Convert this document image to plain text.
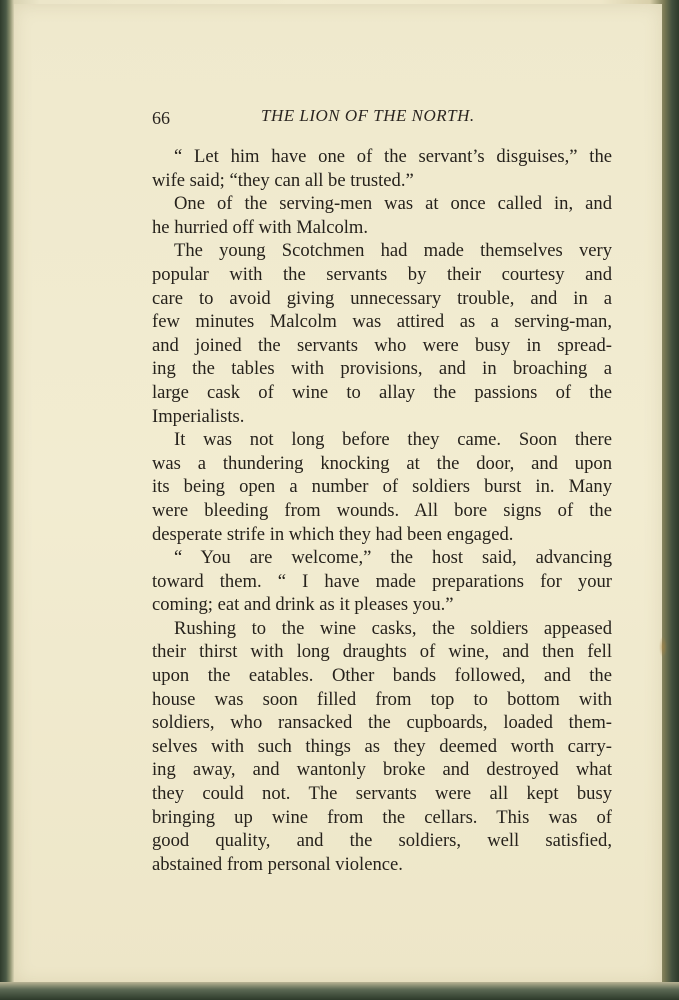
66	THE LION OF THE NORTH.

“ Let him have one of the servant’s disguises,” the
wife said; “they can all be trusted.”

One of the serving-men was at once called in, and
he hurried off with Malcolm.

The young Scotchmen had made themselves very
popular with the servants by their courtesy and
care to avoid giving unnecessary trouble, and in a
few minutes Malcolm was attired as a serving-man,
and joined the servants who were busy in spread-
ing the tables with provisions, and in broaching a
large cask of wine to allay the passions of the
Imperialists.

It was not long before they came. Soon there
was a thundering knocking at the door, and upon
its being open a number of soldiers burst in. Many
were bleeding from wounds. All bore signs of the
desperate strife in which they had been engaged.

“ You are welcome,” the host said, advancing
toward them. “ I have made preparations for your
coming; eat and drink as it pleases you.”

Rushing to the wine casks, the soldiers appeased
their thirst with long draughts of wine, and then fell
upon the eatables. Other bands followed, and the
house was soon filled from top to bottom with
soldiers, who ransacked the cupboards, loaded them-
selves with such things as they deemed worth carry-
ing away, and wantonly broke and destroyed what
they could not. The servants were all kept busy
bringing up wine from the cellars. This was of
good quality, and the soldiers, well satisfied,
abstained from personal violence.
